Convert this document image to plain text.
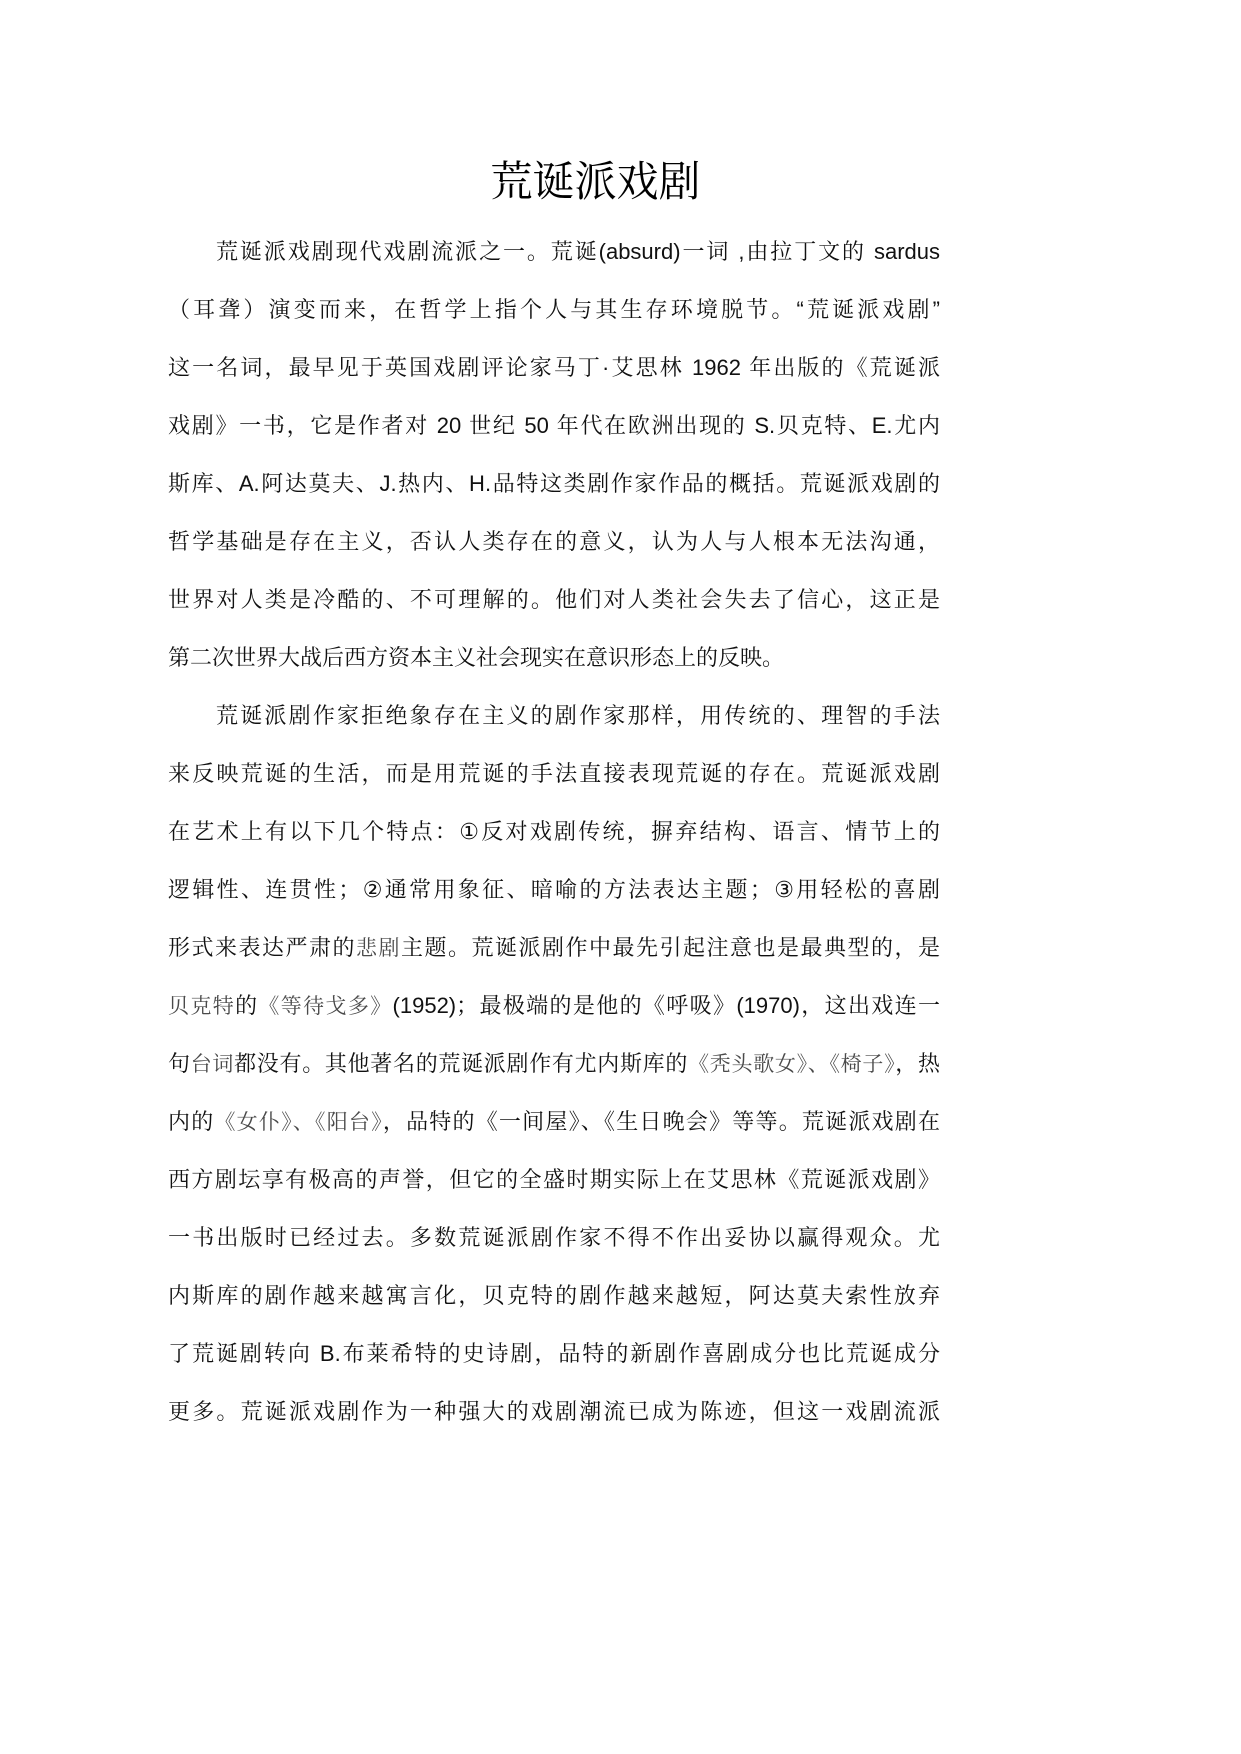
荒诞派戏剧
荒诞派戏剧现代戏剧流派之一。荒诞(absurd)一词 ,由拉丁文的 sardus
（耳聋）演变而来，在哲学上指个人与其生存环境脱节。“荒诞派戏剧”
这一名词，最早见于英国戏剧评论家马丁·艾思林 1962 年出版的《荒诞派
戏剧》一书，它是作者对 20 世纪 50 年代在欧洲出现的 S.贝克特、E.尤内
斯库、A.阿达莫夫、J.热内、H.品特这类剧作家作品的概括。荒诞派戏剧的
哲学基础是存在主义，否认人类存在的意义，认为人与人根本无法沟通，
世界对人类是冷酷的、不可理解的。他们对人类社会失去了信心，这正是
第二次世界大战后西方资本主义社会现实在意识形态上的反映。
荒诞派剧作家拒绝象存在主义的剧作家那样，用传统的、理智的手法
来反映荒诞的生活，而是用荒诞的手法直接表现荒诞的存在。荒诞派戏剧
在艺术上有以下几个特点：①反对戏剧传统，摒弃结构、语言、情节上的
逻辑性、连贯性；②通常用象征、暗喻的方法表达主题；③用轻松的喜剧
形式来表达严肃的悲剧主题。荒诞派剧作中最先引起注意也是最典型的，是
贝克特的《等待戈多》(1952)；最极端的是他的《呼吸》(1970)，这出戏连一
句台词都没有。其他著名的荒诞派剧作有尤内斯库的《秃头歌女》、《椅子》，热
内的《女仆》、《阳台》，品特的《一间屋》、《生日晚会》等等。荒诞派戏剧在
西方剧坛享有极高的声誉，但它的全盛时期实际上在艾思林《荒诞派戏剧》
一书出版时已经过去。多数荒诞派剧作家不得不作出妥协以赢得观众。尤
内斯库的剧作越来越寓言化，贝克特的剧作越来越短，阿达莫夫索性放弃
了荒诞剧转向 B.布莱希特的史诗剧，品特的新剧作喜剧成分也比荒诞成分
更多。荒诞派戏剧作为一种强大的戏剧潮流已成为陈迹，但这一戏剧流派
